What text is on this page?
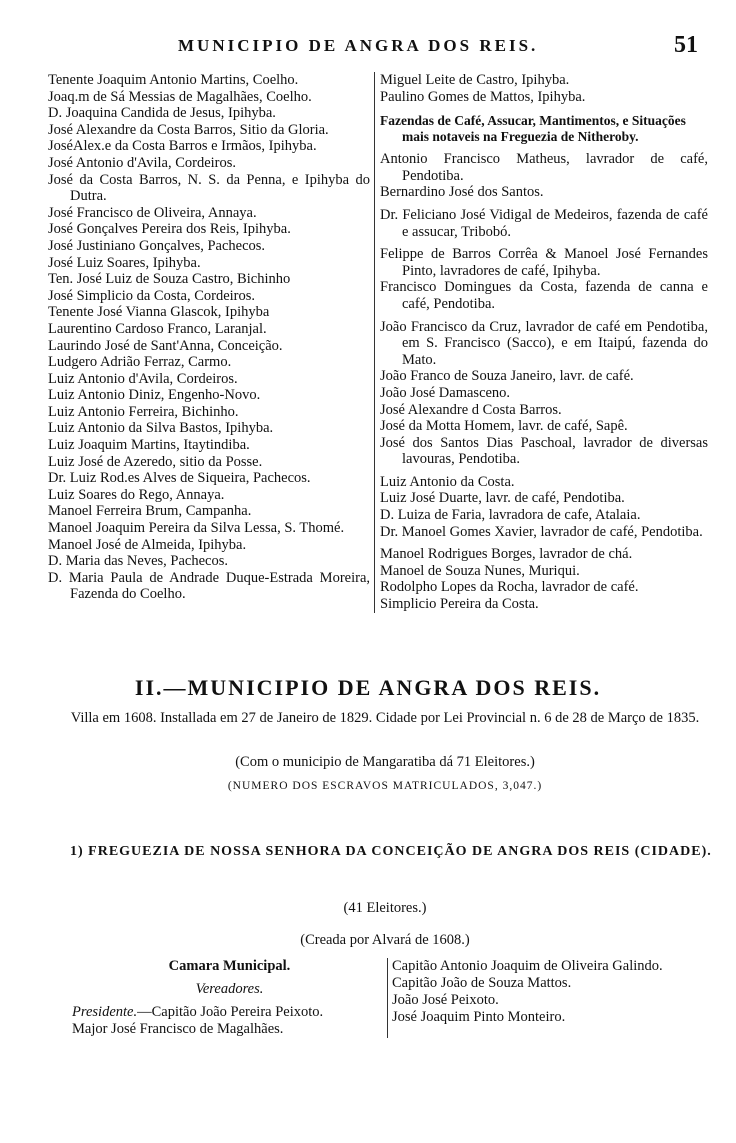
MUNICIPIO DE ANGRA DOS REIS.	51
Tenente Joaquim Antonio Martins, Coelho.
Joaq.m de Sá Messias de Magalhães, Coelho.
D. Joaquina Candida de Jesus, Ipihyba.
José Alexandre da Costa Barros, Sitio da Gloria.
JoséAlex.e da Costa Barros e Irmãos, Ipihyba.
José Antonio d'Avila, Cordeiros.
José da Costa Barros, N. S. da Penna, e Ipihyba do Dutra.
José Francisco de Oliveira, Annaya.
José Gonçalves Pereira dos Reis, Ipihyba.
José Justiniano Gonçalves, Pachecos.
José Luiz Soares, Ipihyba.
Ten. José Luiz de Souza Castro, Bichinho
José Simplicio da Costa, Cordeiros.
Tenente José Vianna Glascok, Ipihyba
Laurentino Cardoso Franco, Laranjal.
Laurindo José de Sant'Anna, Conceição.
Ludgero Adrião Ferraz, Carmo.
Luiz Antonio d'Avila, Cordeiros.
Luiz Antonio Diniz, Engenho-Novo.
Luiz Antonio Ferreira, Bichinho.
Luiz Antonio da Silva Bastos, Ipihyba.
Luiz Joaquim Martins, Itaytindiba.
Luiz José de Azeredo, sitio da Posse.
Dr. Luiz Rod.es Alves de Siqueira, Pachecos.
Luiz Soares do Rego, Annaya.
Manoel Ferreira Brum, Campanha.
Manoel Joaquim Pereira da Silva Lessa, S. Thomé.
Manoel José de Almeida, Ipihyba.
D. Maria das Neves, Pachecos.
D. Maria Paula de Andrade Duque-Estrada Moreira, Fazenda do Coelho.
Miguel Leite de Castro, Ipihyba.
Paulino Gomes de Mattos, Ipihyba.
Fazendas de Café, Assucar, Mantimentos, e Situações mais notaveis na Freguezia de Nitheroby.
Antonio Francisco Matheus, lavrador de café, Pendotiba.
Bernardino José dos Santos.
Dr. Feliciano José Vidigal de Medeiros, fazenda de café e assucar, Tribobó.
Felippe de Barros Corrêa & Manoel José Fernandes Pinto, lavradores de café, Ipihyba.
Francisco Domingues da Costa, fazenda de canna e café, Pendotiba.
João Francisco da Cruz, lavrador de café em Pendotiba, em S. Francisco (Sacco), e em Itaipú, fazenda do Mato.
João Franco de Souza Janeiro, lavr. de café.
João José Damasceno.
José Alexandre d Costa Barros.
José da Motta Homem, lavr. de café, Sapê.
José dos Santos Dias Paschoal, lavrador de diversas lavouras, Pendotiba.
Luiz Antonio da Costa.
Luiz José Duarte, lavr. de café, Pendotiba.
D. Luiza de Faria, lavradora de cafe, Atalaia.
Dr. Manoel Gomes Xavier, lavrador de café, Pendotiba.
Manoel Rodrigues Borges, lavrador de chá.
Manoel de Souza Nunes, Muriqui.
Rodolpho Lopes da Rocha, lavrador de café.
Simplicio Pereira da Costa.
II.—MUNICIPIO DE ANGRA DOS REIS.
Villa em 1608. Installada em 27 de Janeiro de 1829. Cidade por Lei Provincial n. 6 de 28 de Março de 1835.
(Com o municipio de Mangaratiba dá 71 Eleitores.)
(NUMERO DOS ESCRAVOS MATRICULADOS, 3,047.)
1) FREGUEZIA DE NOSSA SENHORA DA CONCEIÇÃO DE ANGRA DOS REIS (CIDADE).
(41 Eleitores.)
(Creada por Alvará de 1608.)
Camara Municipal.
Vereadores.
Presidente.—Capitão João Pereira Peixoto.
Major José Francisco de Magalhães.
Capitão Antonio Joaquim de Oliveira Galindo.
Capitão João de Souza Mattos.
João José Peixoto.
José Joaquim Pinto Monteiro.
